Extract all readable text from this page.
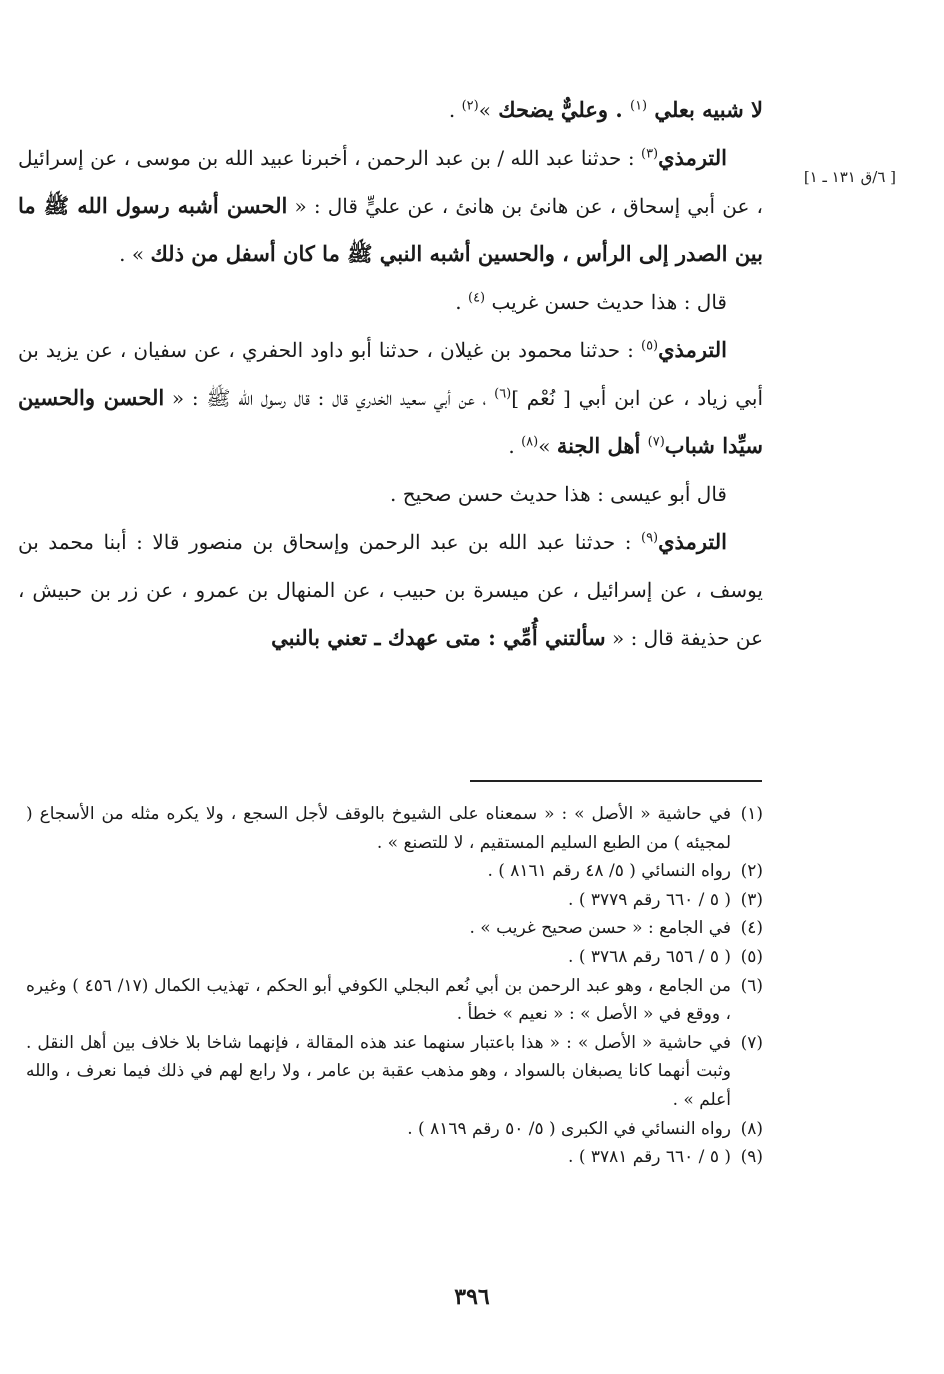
[ ٦/ق ١٣١ ـ ١]

لا شبيه بعلي $^{(١)}$ . وعليٌّ يضحك »$^{(٢)}$ .

الترمذي$^{(٣)}$ : حدثنا عبد الله / بن عبد الرحمن ، أخبرنا عبيد الله بن موسى ، عن إسرائيل ، عن أبي إسحاق ، عن هانئ بن هانئ ، عن عليٍّ قال : « الحسن أشبه رسول الله ﷺ ما بين الصدر إلى الرأس ، والحسين أشبه النبي ﷺ ما كان أسفل من ذلك » .

قال : هذا حديث حسن غريب $^{(٤)}$ .

الترمذي$^{(٥)}$ : حدثنا محمود بن غيلان ، حدثنا أبو داود الحفري ، عن سفيان ، عن يزيد بن أبي زياد ، عن ابن أبي [ نُعْم ]$^{(٦)}$ ، عن أبي سعيد الخدري قال : قال رسول الله ﷺ : « الحسن والحسين سيِّدا شباب$^{(٧)}$ أهل الجنة »$^{(٨)}$ .

قال أبو عيسى : هذا حديث حسن صحيح .

الترمذي$^{(٩)}$ : حدثنا عبد الله بن عبد الرحمن وإسحاق بن منصور قالا : أبنا محمد بن يوسف ، عن إسرائيل ، عن ميسرة بن حبيب ، عن المنهال بن عمرو ، عن زر بن حبيش ، عن حذيفة قال : « سألتني أُمِّي : متى عهدك ـ تعني بالنبي

(١)في حاشية « الأصل » : « سمعناه على الشيوخ بالوقف لأجل السجع ، ولا يكره مثله من الأسجاع ( لمجيئه ) من الطبع السليم المستقيم ، لا للتصنع » .

(٢)رواه النسائي ( ٥/ ٤٨ رقم ٨١٦١ ) .

(٣)( ٥ / ٦٦٠ رقم ٣٧٧٩ ) .

(٤)في الجامع : « حسن صحيح غريب » .

(٥)( ٥ / ٦٥٦ رقم ٣٧٦٨ ) .

(٦)من الجامع ، وهو عبد الرحمن بن أبي نُعم البجلي الكوفي أبو الحكم ، تهذيب الكمال (١٧/ ٤٥٦ ) وغيره ، ووقع في « الأصل » : « نعيم » خطأ .

(٧)في حاشية « الأصل » : « هذا باعتبار سنهما عند هذه المقالة ، فإنهما شاخا بلا خلاف بين أهل النقل . وثبت أنهما كانا يصبغان بالسواد ، وهو مذهب عقبة بن عامر ، ولا رابع لهم في ذلك فيما نعرف ، والله أعلم » .

(٨)رواه النسائي في الكبرى ( ٥/ ٥٠ رقم ٨١٦٩ ) .

(٩)( ٥ / ٦٦٠ رقم ٣٧٨١ ) .

٣٩٦
